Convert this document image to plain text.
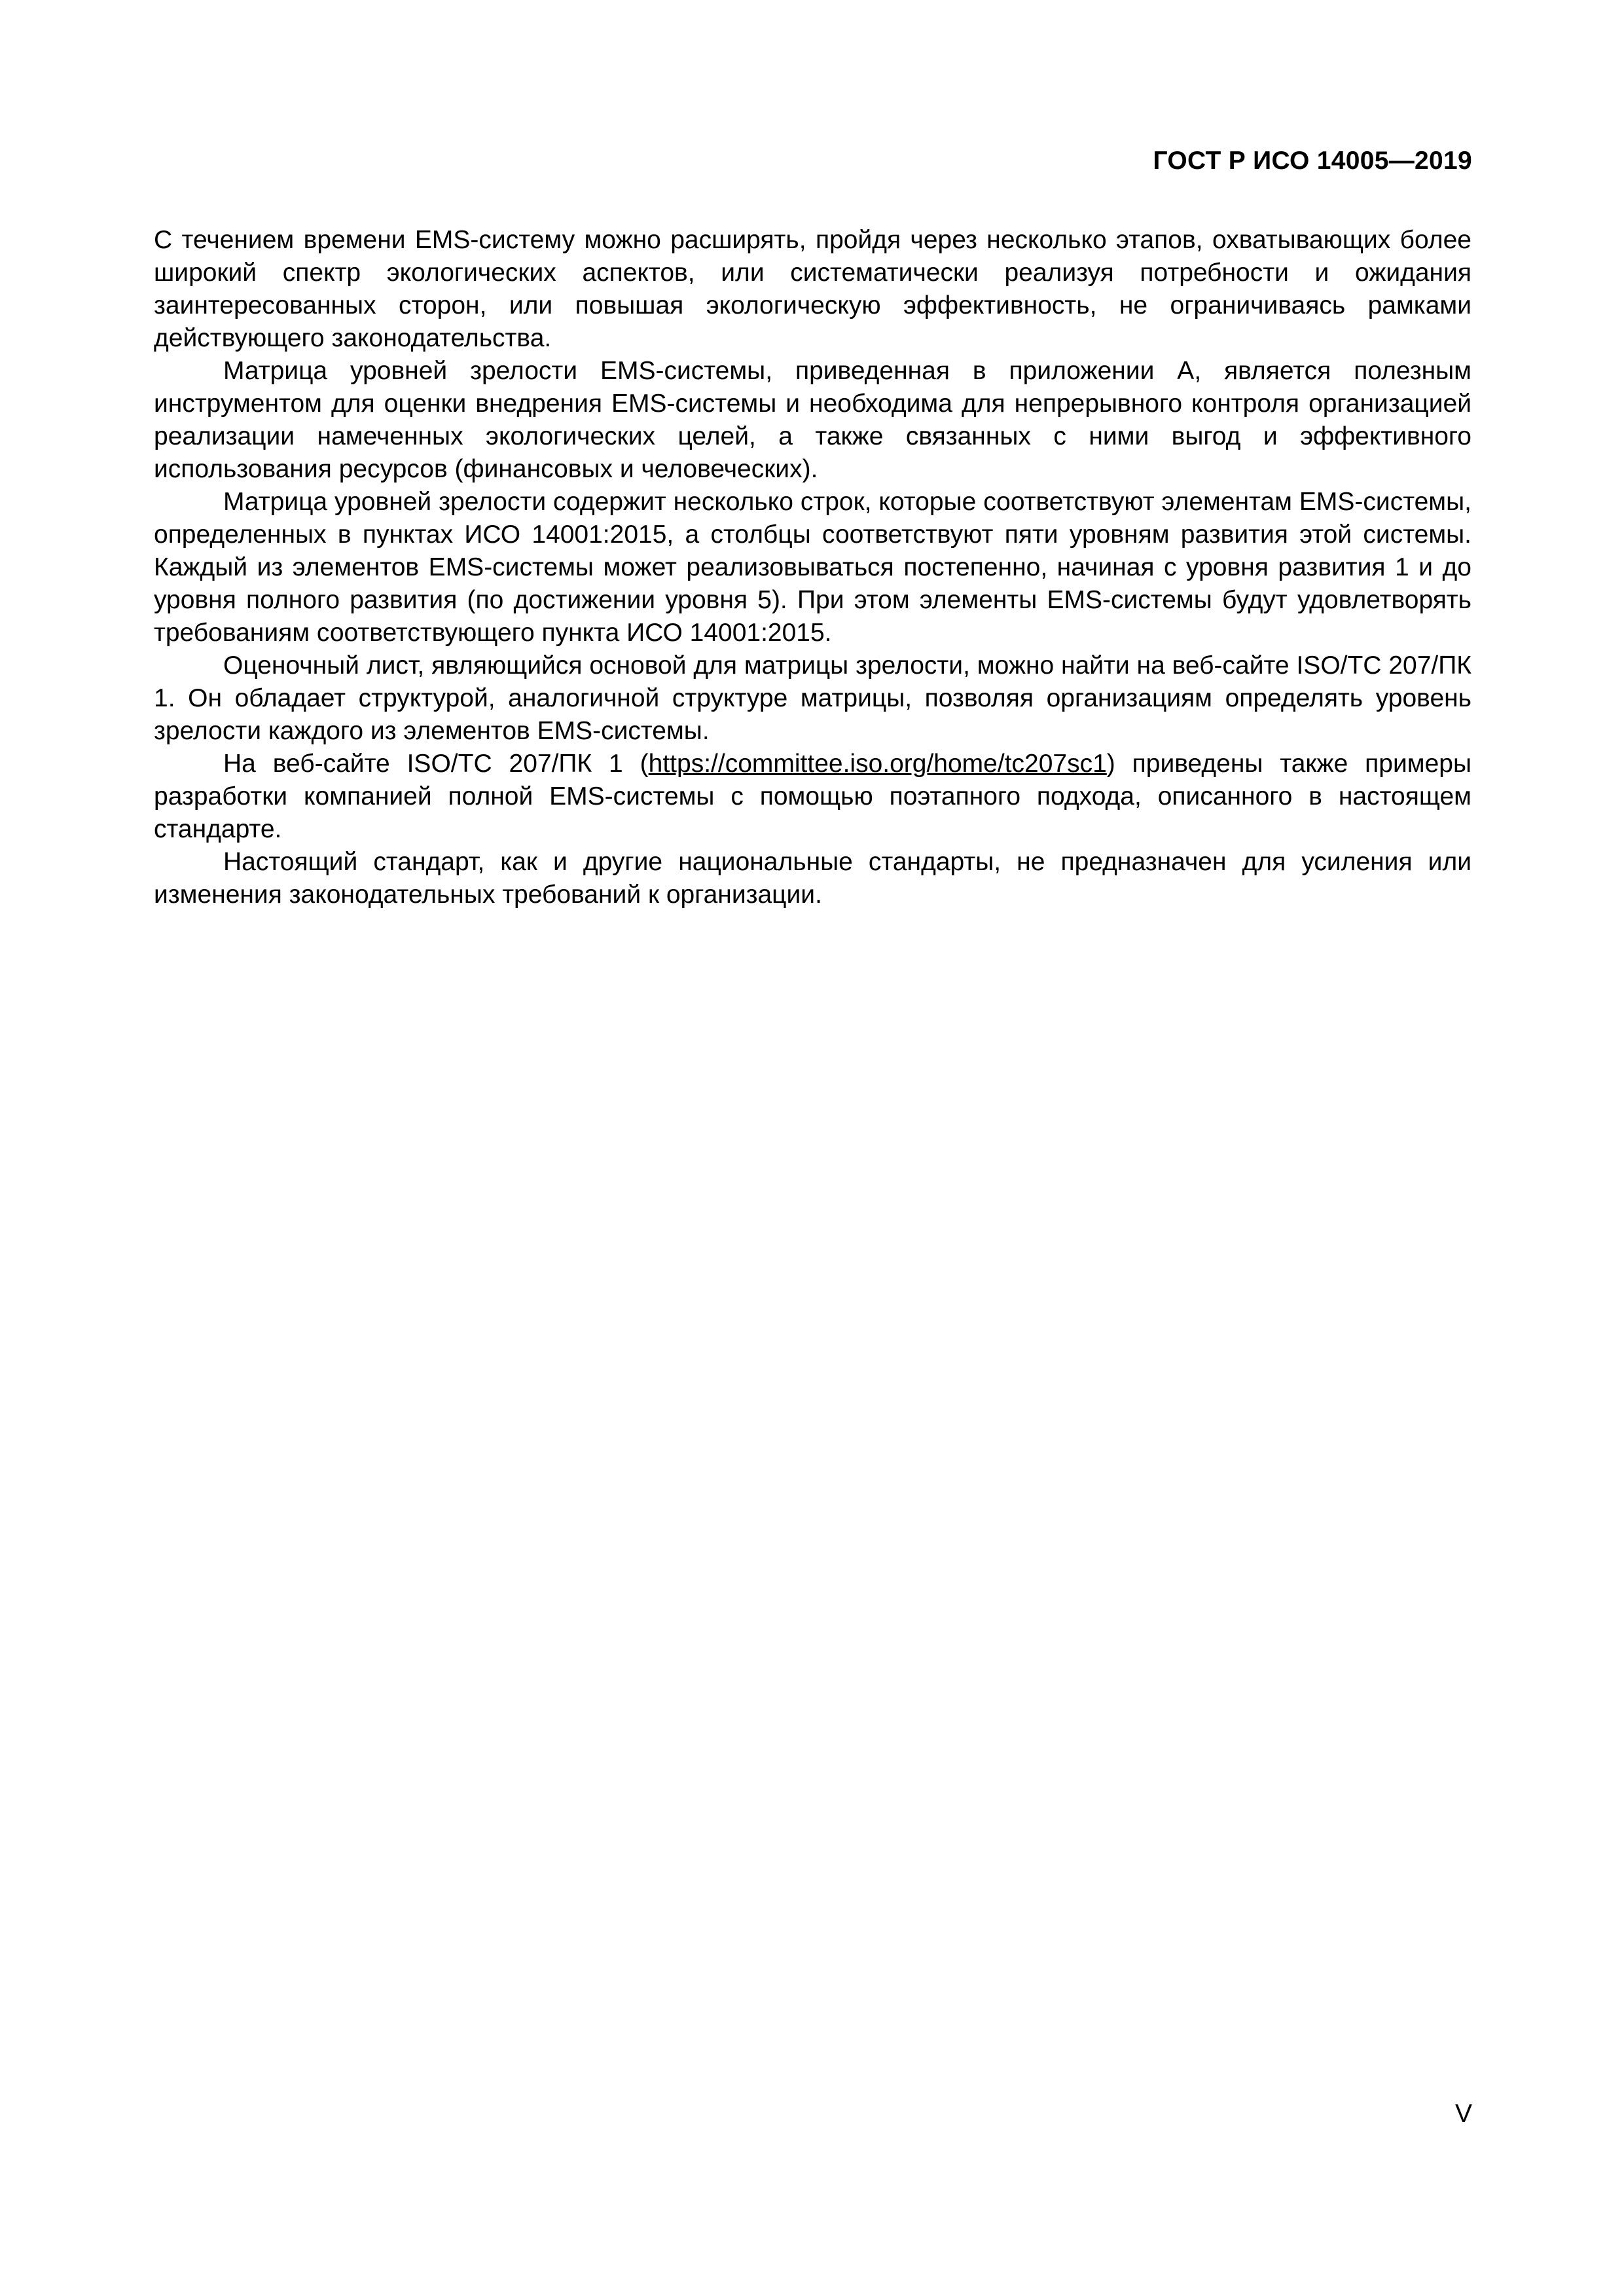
ГОСТ Р ИСО 14005—2019

С течением времени EMS-систему можно расширять, пройдя через несколько этапов, охватывающих более широкий спектр экологических аспектов, или систематически реализуя потребности и ожидания заинтересованных сторон, или повышая экологическую эффективность, не ограничиваясь рамками действующего законодательства.

Матрица уровней зрелости EMS-системы, приведенная в приложении А, является полезным инструментом для оценки внедрения EMS-системы и необходима для непрерывного контроля организацией реализации намеченных экологических целей, а также связанных с ними выгод и эффективного использования ресурсов (финансовых и человеческих).

Матрица уровней зрелости содержит несколько строк, которые соответствуют элементам EMS-системы, определенных в пунктах ИСО 14001:2015, а столбцы соответствуют пяти уровням развития этой системы. Каждый из элементов EMS-системы может реализовываться постепенно, начиная с уровня развития 1 и до уровня полного развития (по достижении уровня 5). При этом элементы EMS-системы будут удовлетворять требованиям соответствующего пункта ИСО 14001:2015.

Оценочный лист, являющийся основой для матрицы зрелости, можно найти на веб-сайте ISO/TC 207/ПК 1. Он обладает структурой, аналогичной структуре матрицы, позволяя организациям определять уровень зрелости каждого из элементов EMS-системы.

На веб-сайте ISO/TC 207/ПК 1 (https://committee.iso.org/home/tc207sc1) приведены также примеры разработки компанией полной EMS-системы с помощью поэтапного подхода, описанного в настоящем стандарте.

Настоящий стандарт, как и другие национальные стандарты, не предназначен для усиления или изменения законодательных требований к организации.

V
